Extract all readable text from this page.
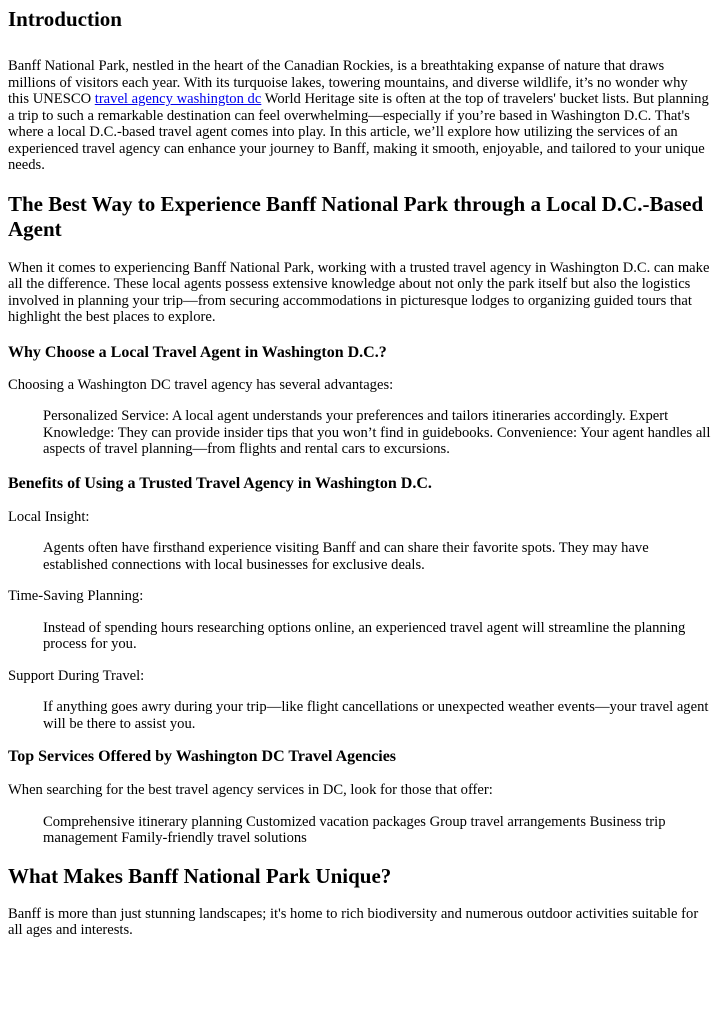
Introduction

Banff National Park, nestled in the heart of the Canadian Rockies, is a breathtaking expanse of nature that draws millions of visitors each year. With its turquoise lakes, towering mountains, and diverse wildlife, it’s no wonder why this UNESCO travel agency washington dc World Heritage site is often at the top of travelers' bucket lists. But planning a trip to such a remarkable destination can feel overwhelming—especially if you’re based in Washington D.C. That's where a local D.C.-based travel agent comes into play. In this article, we’ll explore how utilizing the services of an experienced travel agency can enhance your journey to Banff, making it smooth, enjoyable, and tailored to your unique needs.

The Best Way to Experience Banff National Park through a Local D.C.-Based Agent

When it comes to experiencing Banff National Park, working with a trusted travel agency in Washington D.C. can make all the difference. These local agents possess extensive knowledge about not only the park itself but also the logistics involved in planning your trip—from securing accommodations in picturesque lodges to organizing guided tours that highlight the best places to explore.

Why Choose a Local Travel Agent in Washington D.C.?

Choosing a Washington DC travel agency has several advantages:

Personalized Service: A local agent understands your preferences and tailors itineraries accordingly. Expert Knowledge: They can provide insider tips that you won’t find in guidebooks. Convenience: Your agent handles all aspects of travel planning—from flights and rental cars to excursions.
Benefits of Using a Trusted Travel Agency in Washington D.C.

Local Insight:

Agents often have firsthand experience visiting Banff and can share their favorite spots. They may have established connections with local businesses for exclusive deals.

Time-Saving Planning:

Instead of spending hours researching options online, an experienced travel agent will streamline the planning process for you.

Support During Travel:

If anything goes awry during your trip—like flight cancellations or unexpected weather events—your travel agent will be there to assist you.
Top Services Offered by Washington DC Travel Agencies

When searching for the best travel agency services in DC, look for those that offer:

Comprehensive itinerary planning Customized vacation packages Group travel arrangements Business trip management Family-friendly travel solutions
What Makes Banff National Park Unique?

Banff is more than just stunning landscapes; it's home to rich biodiversity and numerous outdoor activities suitable for all ages and interests.
